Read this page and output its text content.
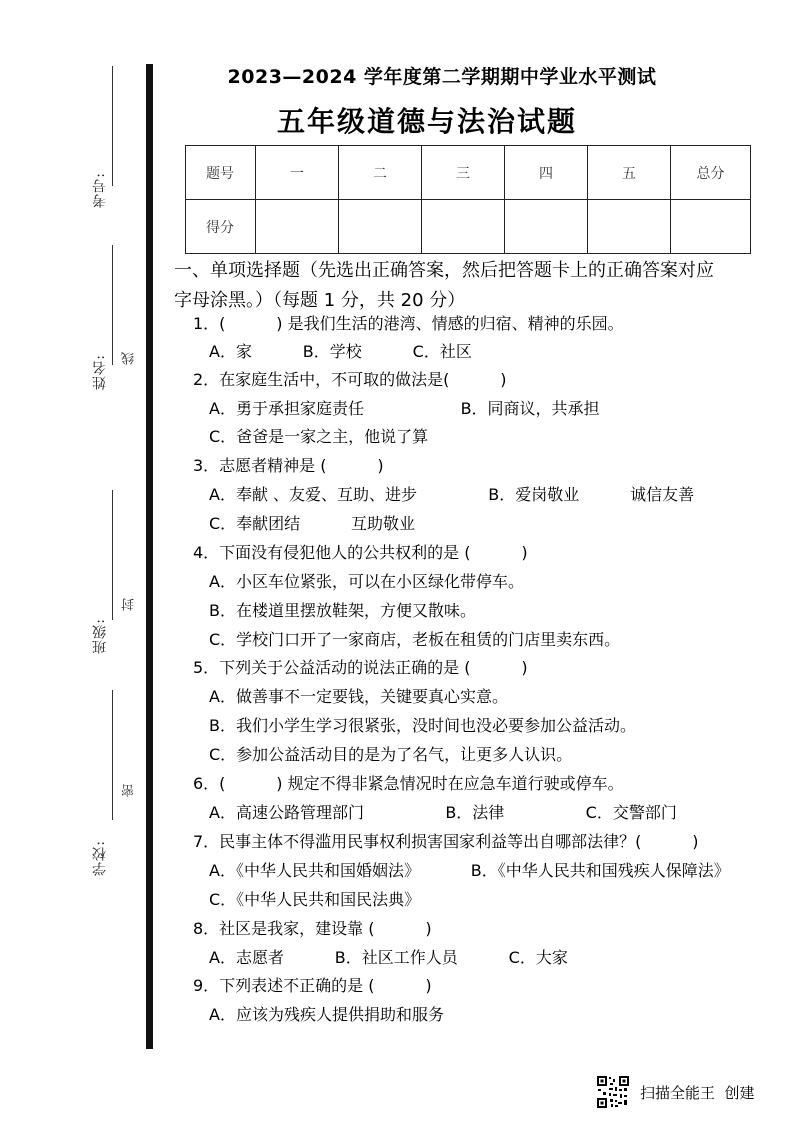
考号:
姓名: 线
班级:
封
学校:
密
2023—2024 学年度第二学期期中学业水平测试
五年级道德与法治试题
题号	一	二	三	四	五	总分
得分						
一、单项选择题（先选出正确答案，然后把答题卡上的正确答案对应
字母涂黑。）（每题 1 分，共 20 分）
1．(          ) 是我们生活的港湾、情感的归宿、精神的乐园。
A．家          B．学校          C．社区
2．在家庭生活中，不可取的做法是(          )
A．勇于承担家庭责任                   B．同商议，共承担
C．爸爸是一家之主，他说了算
3．志愿者精神是 (          )
A．奉献 、友爱、互助、进步              B．爱岗敬业          诚信友善
C．奉献团结          互助敬业
4．下面没有侵犯他人的公共权利的是 (          )
A．小区车位紧张，可以在小区绿化带停车。
B．在楼道里摆放鞋架，方便又散味。
C．学校门口开了一家商店，老板在租赁的门店里卖东西。
5．下列关于公益活动的说法正确的是 (          )
A．做善事不一定要钱，关键要真心实意。
B．我们小学生学习很紧张，没时间也没必要参加公益活动。
C．参加公益活动目的是为了名气，让更多人认识。
6．(          ) 规定不得非紧急情况时在应急车道行驶或停车。
A．高速公路管理部门                B．法律                C．交警部门
7．民事主体不得滥用民事权利损害国家利益等出自哪部法律？(          )
A．《中华人民共和国婚姻法》          B．《中华人民共和国残疾人保障法》
C．《中华人民共和国民法典》
8．社区是我家，建设靠 (          )
A．志愿者          B．社区工作人员          C．大家
9．下列表述不正确的是 (          )
A．应该为残疾人提供捐助和服务
扫描全能王  创建
